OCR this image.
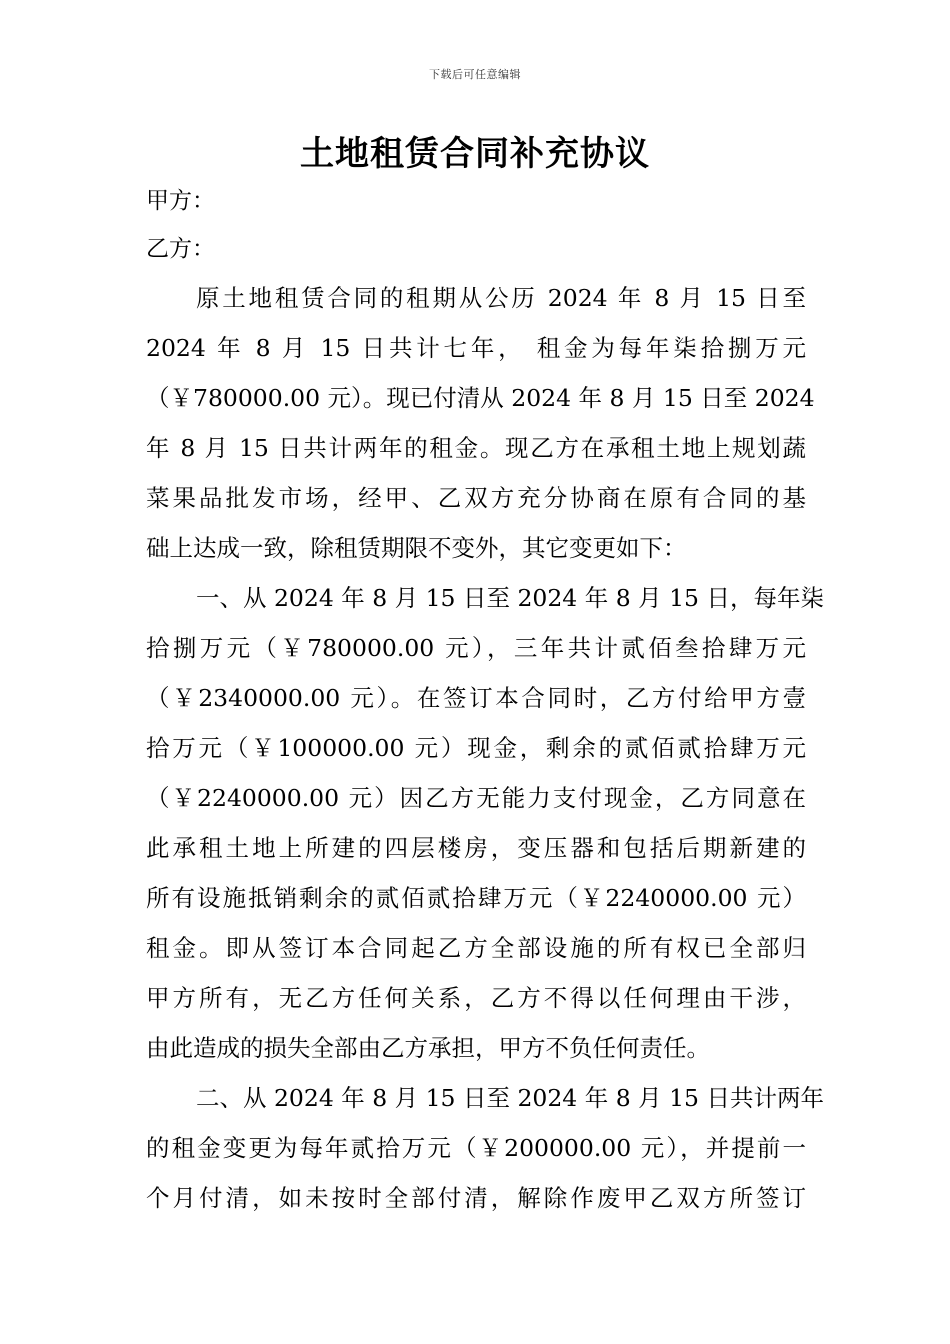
下载后可任意编辑
土地租赁合同补充协议
甲方：
乙方：
原土地租赁合同的租期从公历 2024 年 8 月 15 日至
2024 年 8 月 15 日共计七年， 租金为每年柒拾捌万元
（￥780000.00 元）。现已付清从 2024 年 8 月 15 日至 2024
年 8 月 15 日共计两年的租金。现乙方在承租土地上规划蔬
菜果品批发市场，经甲、乙双方充分协商在原有合同的基
础上达成一致，除租赁期限不变外，其它变更如下：
一、从 2024 年 8 月 15 日至 2024 年 8 月 15 日，每年柒
拾捌万元（￥780000.00 元），三年共计贰佰叁拾肆万元
（￥2340000.00 元）。在签订本合同时，乙方付给甲方壹
拾万元（￥100000.00 元）现金，剩余的贰佰贰拾肆万元
（￥2240000.00 元）因乙方无能力支付现金，乙方同意在
此承租土地上所建的四层楼房，变压器和包括后期新建的
所有设施抵销剩余的贰佰贰拾肆万元（￥2240000.00 元）
租金。即从签订本合同起乙方全部设施的所有权已全部归
甲方所有，无乙方任何关系，乙方不得以任何理由干涉，
由此造成的损失全部由乙方承担，甲方不负任何责任。
二、从 2024 年 8 月 15 日至 2024 年 8 月 15 日共计两年
的租金变更为每年贰拾万元（￥200000.00 元），并提前一
个月付清，如未按时全部付清，解除作废甲乙双方所签订
